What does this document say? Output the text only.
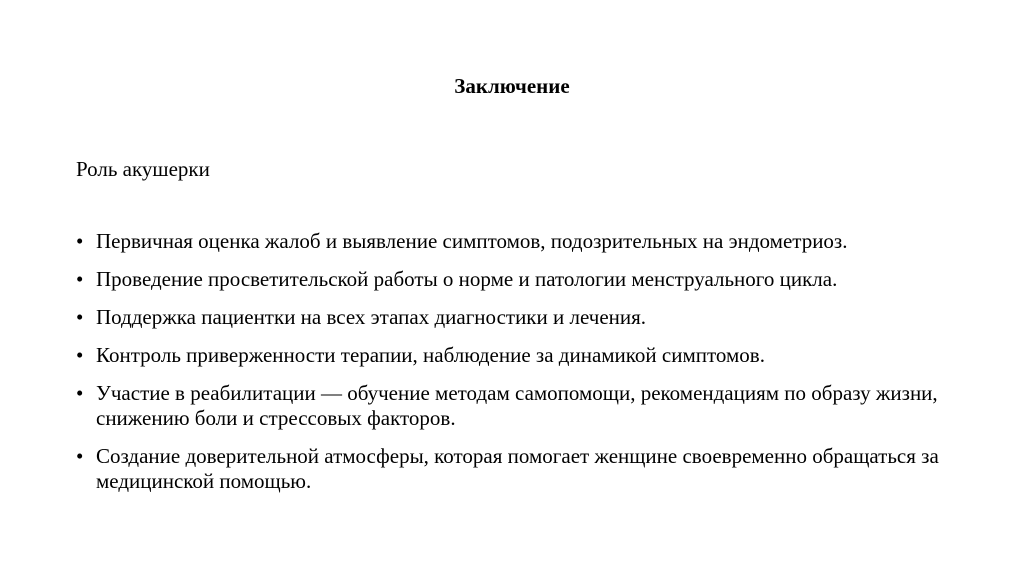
Заключение
Роль акушерки
• Первичная оценка жалоб и выявление симптомов, подозрительных на эндометриоз.
• Проведение просветительской работы о норме и патологии менструального цикла.
• Поддержка пациентки на всех этапах диагностики и лечения.
• Контроль приверженности терапии, наблюдение за динамикой симптомов.
• Участие в реабилитации — обучение методам самопомощи, рекомендациям по образу жизни, снижению боли и стрессовых факторов.
• Создание доверительной атмосферы, которая помогает женщине своевременно обращаться за медицинской помощью.
